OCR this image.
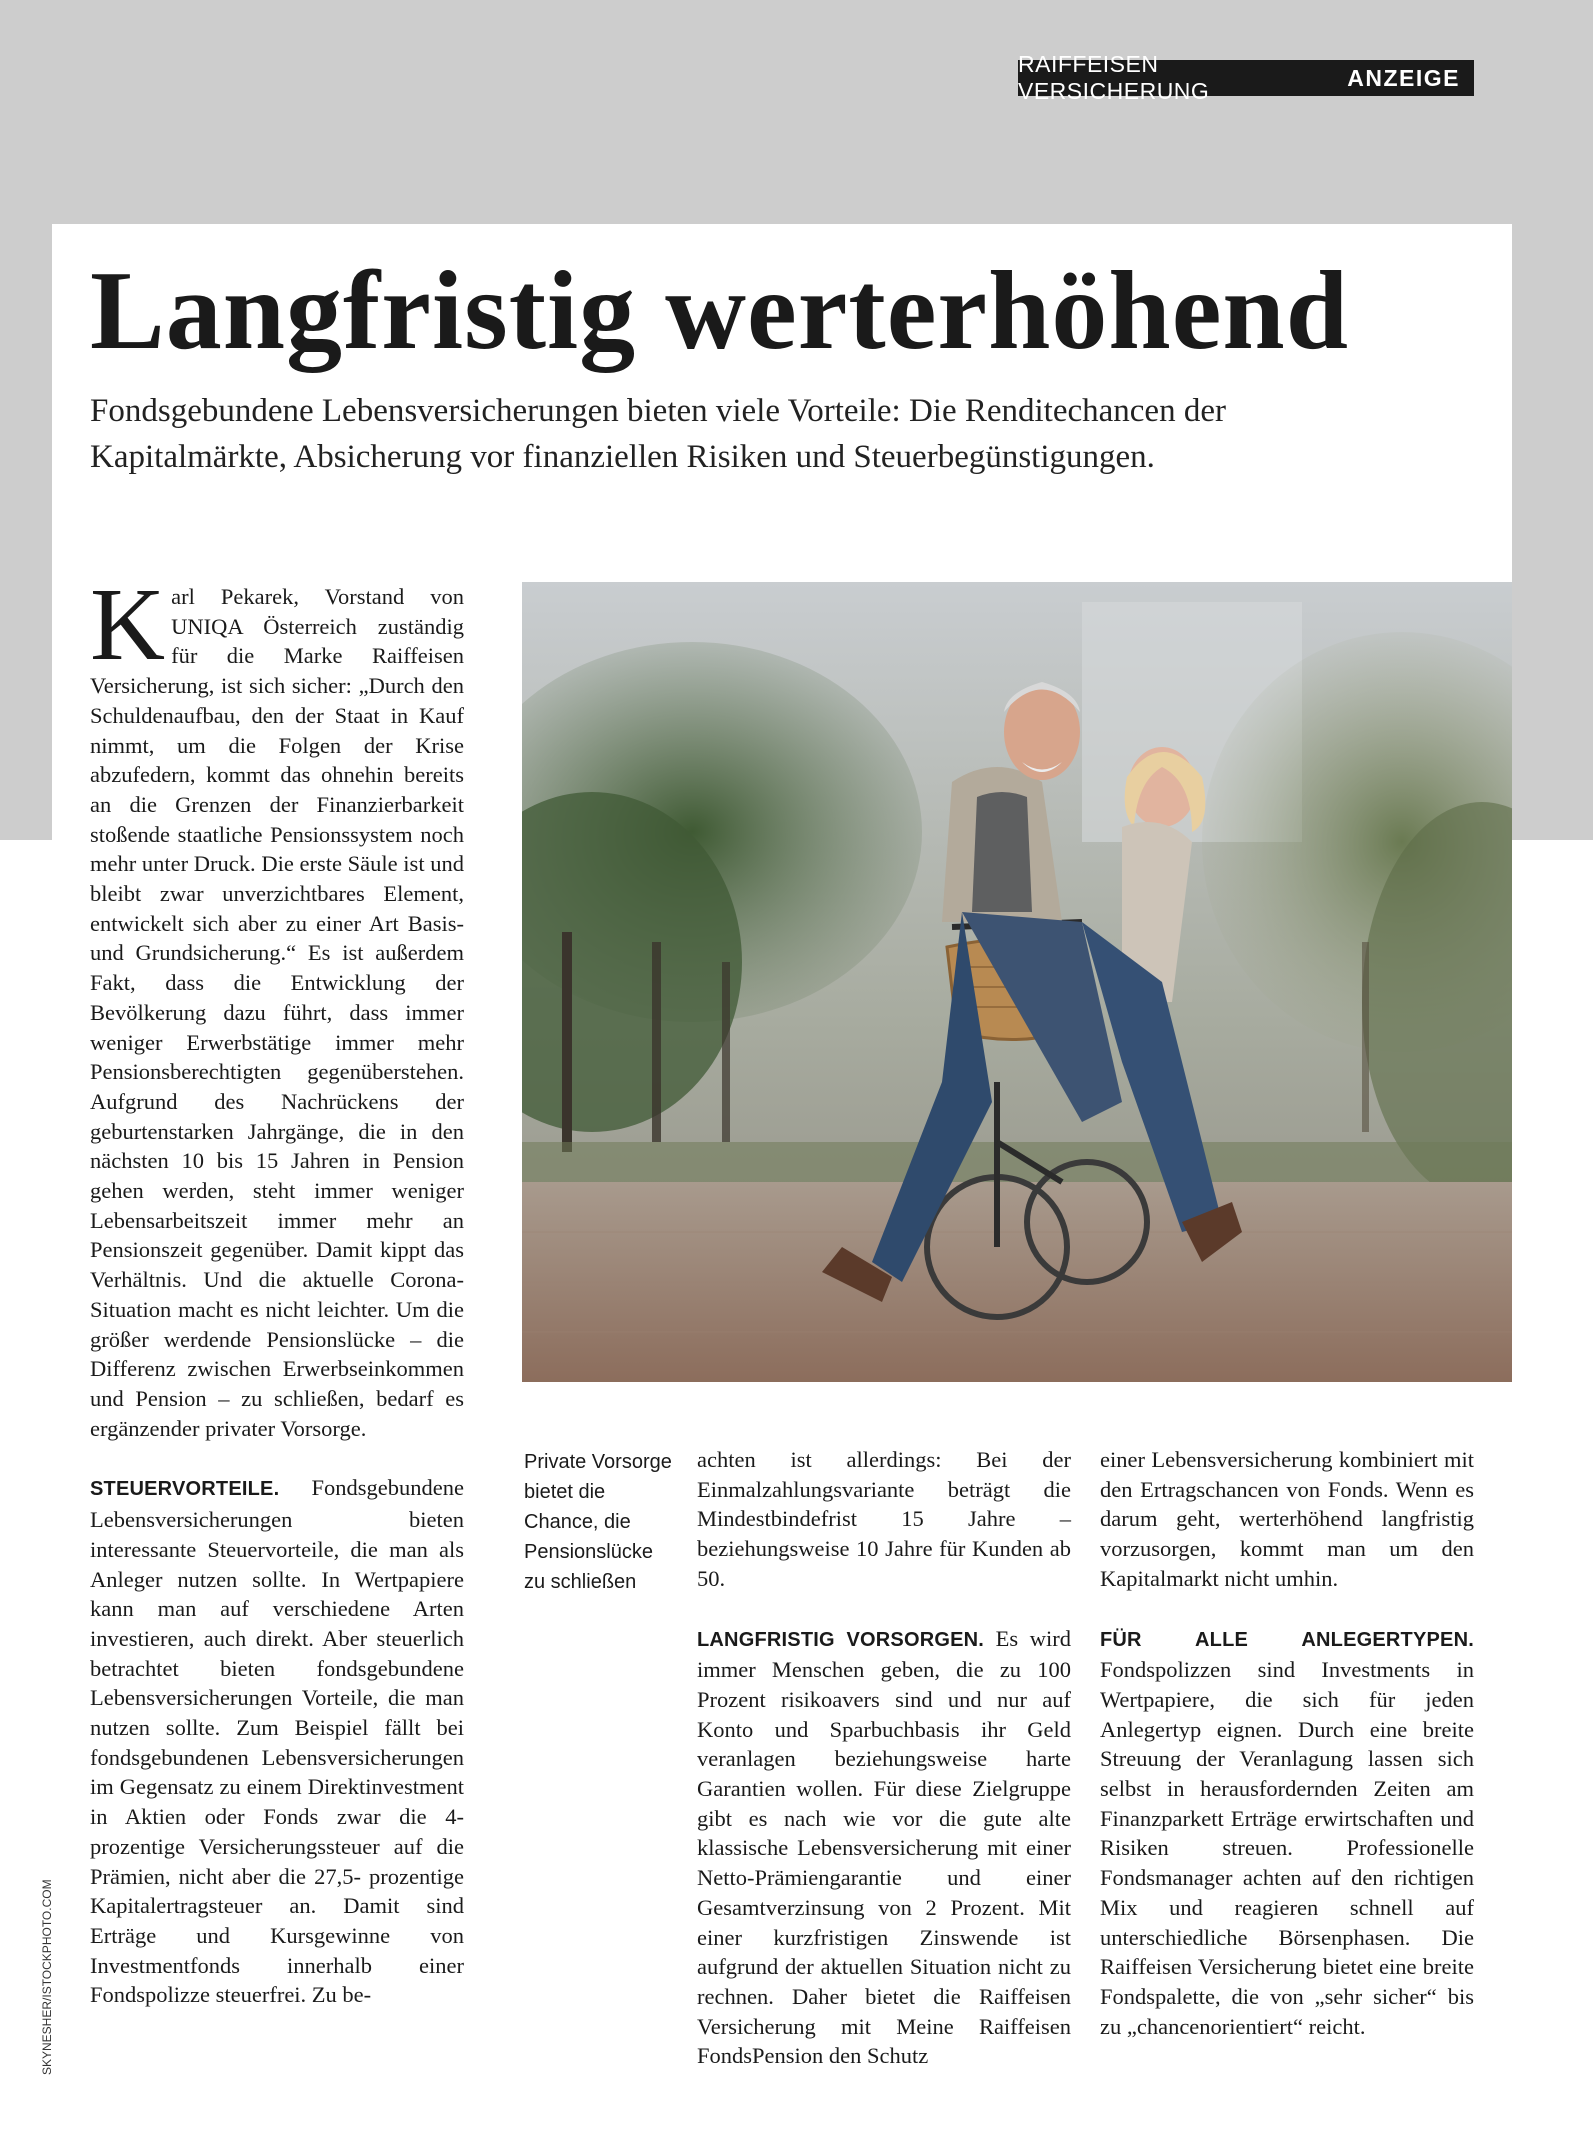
RAIFFEISEN VERSICHERUNG
ANZEIGE
Langfristig werterhöhend

Fondsgebundene Lebensversicherungen bieten viele Vorteile: Die Renditechancen der Kapitalmärkte, Absicherung vor finanziellen Risiken und Steuerbegünstigungen.

Karl Pekarek, Vorstand von UNIQA Österreich zuständig für die Marke Raiffeisen Versicherung, ist sich sicher: „Durch den Schuldenaufbau, den der Staat in Kauf nimmt, um die Folgen der Krise abzufedern, kommt das ohnehin bereits an die Grenzen der Finanzierbarkeit stoßende staatliche Pensionssystem noch mehr unter Druck. Die erste Säule ist und bleibt zwar unverzichtbares Element, entwickelt sich aber zu einer Art Basis- und Grundsicherung.“ Es ist außerdem Fakt, dass die Entwicklung der Bevölkerung dazu führt, dass immer weniger Erwerbstätige immer mehr Pensionsberechtigten gegenüberstehen. Aufgrund des Nachrückens der geburtenstarken Jahrgänge, die in den nächsten 10 bis 15 Jahren in Pension gehen werden, steht immer weniger Lebensarbeitszeit immer mehr an Pensionszeit gegenüber. Damit kippt das Verhältnis. Und die aktuelle Corona-Situation macht es nicht leichter. Um die größer werdende Pensionslücke – die Differenz zwischen Erwerbseinkommen und Pension – zu schließen, bedarf es ergänzender privater Vorsorge.

STEUERVORTEILE. Fondsgebundene Lebensversicherungen bieten interessante Steuervorteile, die man als Anleger nutzen sollte. In Wertpapiere kann man auf verschiedene Arten investieren, auch direkt. Aber steuerlich betrachtet bieten fondsgebundene Lebensversicherungen Vorteile, die man nutzen sollte. Zum Beispiel fällt bei fondsgebundenen Lebensversicherungen im Gegensatz zu einem Direktinvestment in Aktien oder Fonds zwar die 4-prozentige Versicherungssteuer auf die Prämien, nicht aber die 27,5- prozentige Kapitalertragsteuer an. Damit sind Erträge und Kursgewinne von Investmentfonds innerhalb einer Fondspolizze steuerfrei. Zu be-

Private Vorsorge bietet die Chance, die Pensionslücke zu schließen

achten ist allerdings: Bei der Einmalzahlungsvariante beträgt die Mindestbindefrist 15 Jahre – beziehungsweise 10 Jahre für Kunden ab 50.

LANGFRISTIG VORSORGEN. Es wird immer Menschen geben, die zu 100 Prozent risikoavers sind und nur auf Konto und Sparbuchbasis ihr Geld veranlagen beziehungsweise harte Garantien wollen. Für diese Zielgruppe gibt es nach wie vor die gute alte klassische Lebensversicherung mit einer Netto-Prämiengarantie und einer Gesamtverzinsung von 2 Prozent. Mit einer kurzfristigen Zinswende ist aufgrund der aktuellen Situation nicht zu rechnen. Daher bietet die Raiffeisen Versicherung mit Meine Raiffeisen FondsPension den Schutz

einer Lebensversicherung kombiniert mit den Ertragschancen von Fonds. Wenn es darum geht, werterhöhend langfristig vorzusorgen, kommt man um den Kapitalmarkt nicht umhin.

FÜR ALLE ANLEGERTYPEN. Fondspolizzen sind Investments in Wertpapiere, die sich für jeden Anlegertyp eignen. Durch eine breite Streuung der Veranlagung lassen sich selbst in herausfordernden Zeiten am Finanzparkett Erträge erwirtschaften und Risiken streuen. Professionelle Fondsmanager achten auf den richtigen Mix und reagieren schnell auf unterschiedliche Börsenphasen. Die Raiffeisen Versicherung bietet eine breite Fondspalette, die von „sehr sicher“ bis zu „chancenorientiert“ reicht.

SKYNESHER/ISTOCKPHOTO.COM
